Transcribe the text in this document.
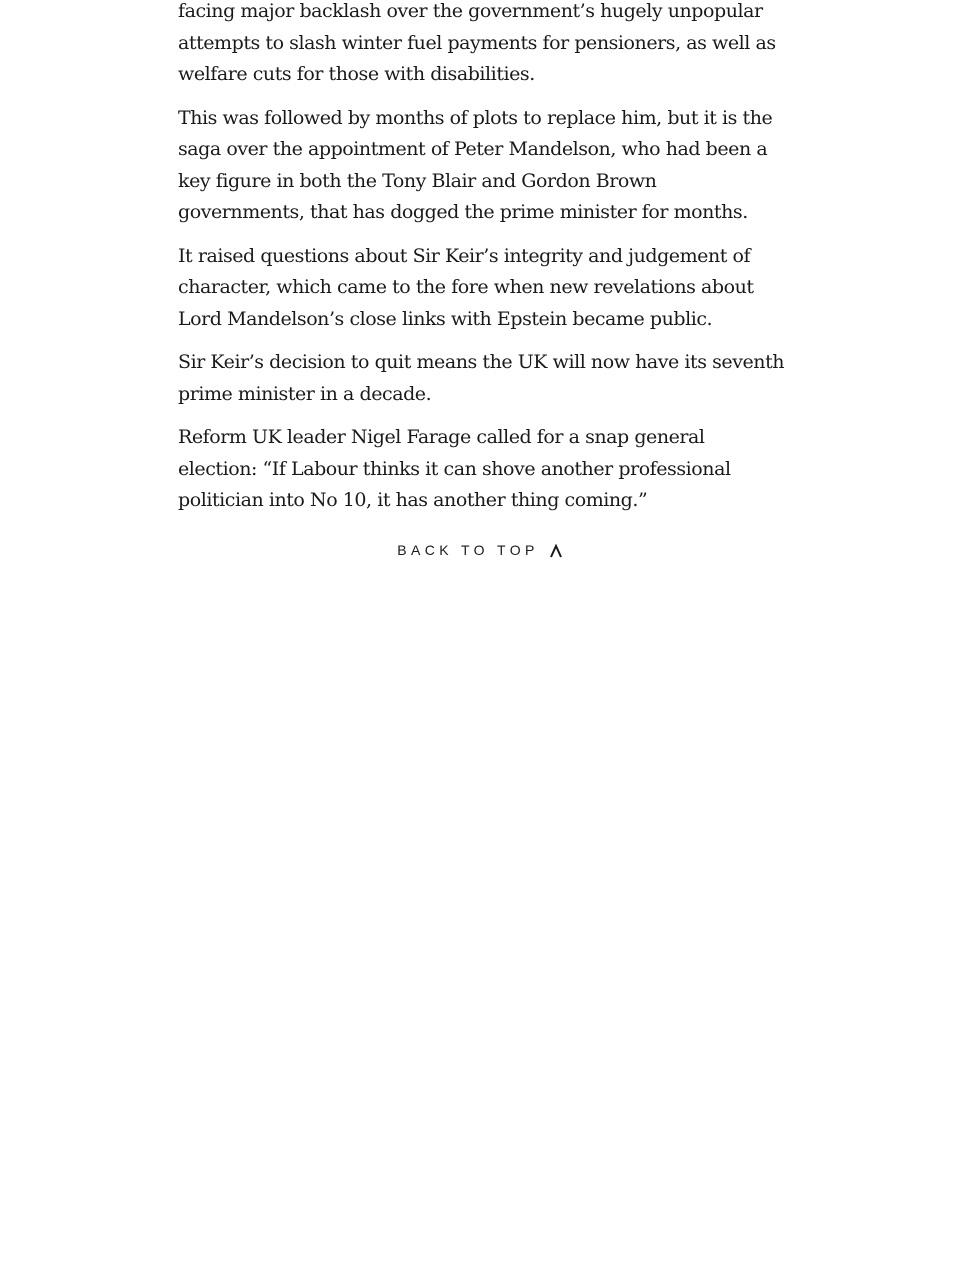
facing major backlash over the government’s hugely unpopular attempts to slash winter fuel payments for pensioners, as well as welfare cuts for those with disabilities.

This was followed by months of plots to replace him, but it is the saga over the appointment of Peter Mandelson, who had been a key figure in both the Tony Blair and Gordon Brown governments, that has dogged the prime minister for months.

It raised questions about Sir Keir’s integrity and judgement of character, which came to the fore when new revelations about Lord Mandelson’s close links with Epstein became public.

Sir Keir’s decision to quit means the UK will now have its seventh prime minister in a decade.

Reform UK leader Nigel Farage called for a snap general election: “If Labour thinks it can shove another professional politician into No 10, it has another thing coming.”

BACK TO TOP
